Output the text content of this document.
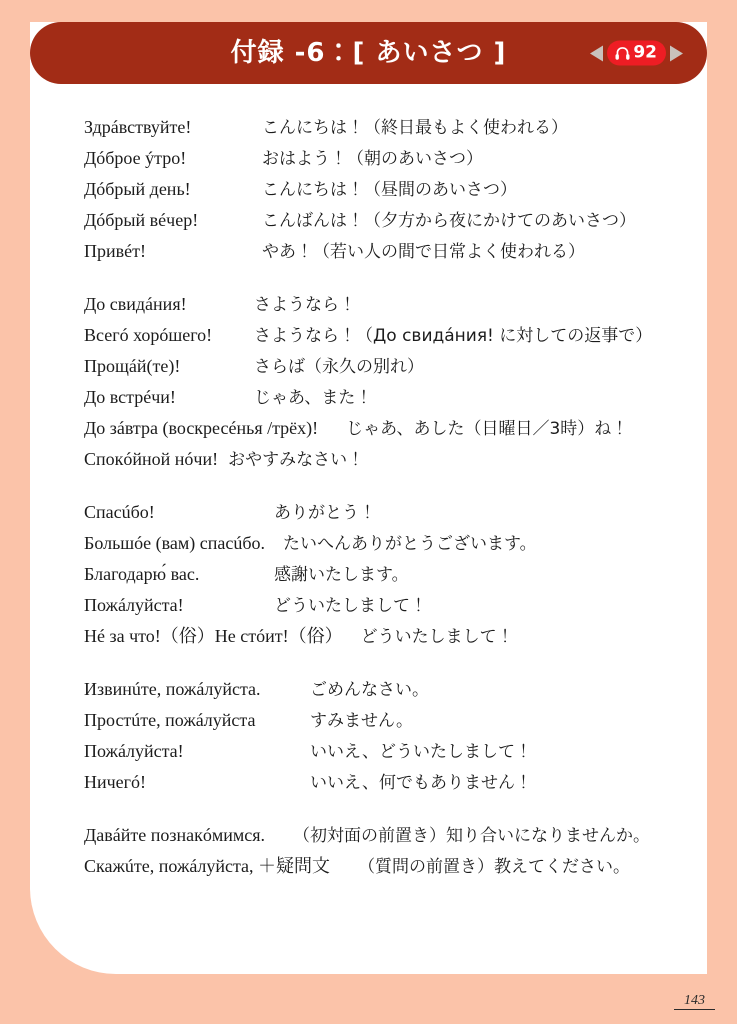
付録 -6：[ あいさつ ]	92
Здрáвствуйте!	こんにちは！（終日最もよく使われる）
Дóброе ýтро!	おはよう！（朝のあいさつ）
Дóбрый день!	こんにちは！（昼間のあいさつ）
Дóбрый вéчер!	こんばんは！（夕方から夜にかけてのあいさつ）
Привéт!	やあ！（若い人の間で日常よく使われる）
До свидáния!	さようなら！
Всегó хорóшего! さようなら！（До свидáния! に対しての返事で）
Прощáй(те)!	さらば（永久の別れ）
До встрéчи!	じゃあ、また！
До зáвтра (воскресéнья /трёх)! じゃあ、あした（日曜日／3時）ね！
Спокóйной нóчи! おやすみなさい！
Спасúбо!	ありがとう！
Большóе (вам) спасúбо. たいへんありがとうございます。
Благодарю́ вас.	感謝いたします。
Пожáлуйста!	どういたしまして！
Нé за что!（俗）Не стóит!（俗） どういたしまして！
Извинúте, пожáлуйста.	ごめんなさい。
Простúте, пожáлуйста	すみません。
Пожáлуйста!	いいえ、どういたしまして！
Ничегó!	いいえ、何でもありません！
Давáйте познакóмимся. （初対面の前置き）知り合いになりませんか。
Скажúте, пожáлуйста, ＋疑問文 （質問の前置き）教えてください。
143
